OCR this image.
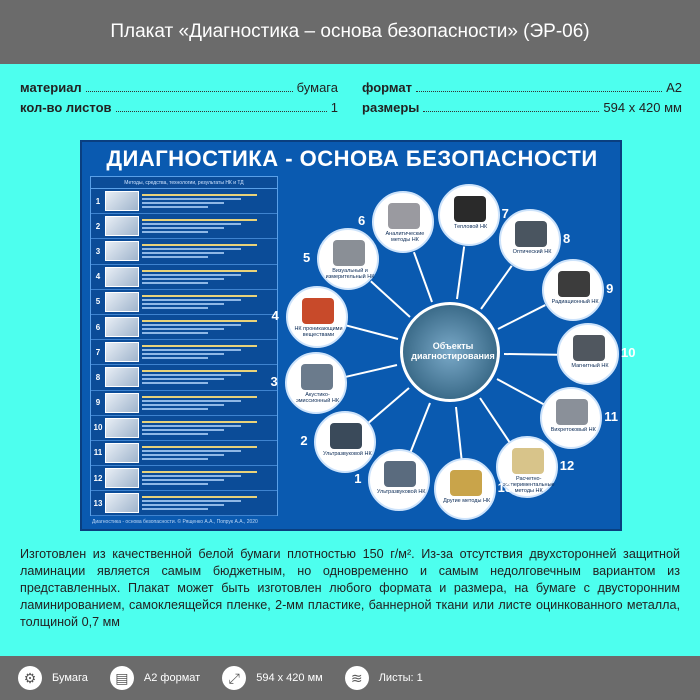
Плакат «Диагностика – основа безопасности» (ЭР-06)
материал	бумага
кол-во листов	1
формат	A2
размеры	594 х 420 мм
ДИАГНОСТИКА - ОСНОВА БЕЗОПАСНОСТИ
Методы, средства, технологии, результаты НК и ТД
1
2
3
4
5
6
7
8
9
10
11
12
13
Объекты диагностирования
Ультразвуковой НК
1
Ультразвуковой НК
2
Акустико-эмиссионный НК
3
НК проникающими веществами
4
Визуальный и измерительный НК
5
Аналитические методы НК
6	Тепловой НК
7
Оптический НК
8
Радиационный НК
9
Магнитный НК
10
Вихретоковый НК
11
Расчетно-экспериментальные методы НК
12
Другие методы НК
13
Диагностика - основа безопасности. © Рященко А.А., Попрук А.А., 2020
Изготовлен из качественной белой бумаги плотностью 150 г/м². Из-за отсутствия двухсторонней защитной ламинации является самым бюджетным, но одновременно и самым недолговечным вариантом из представленных. Плакат может быть изготовлен любого формата и размера, на бумаге с двусторонним ламинированием, самоклеящейся пленке, 2-мм пластике, баннерной ткани или листе оцинкованного металла, толщиной 0,7 мм
⚙	Бумага	▤	A2 формат	⤢	594 х 420 мм	≋	Листы: 1
